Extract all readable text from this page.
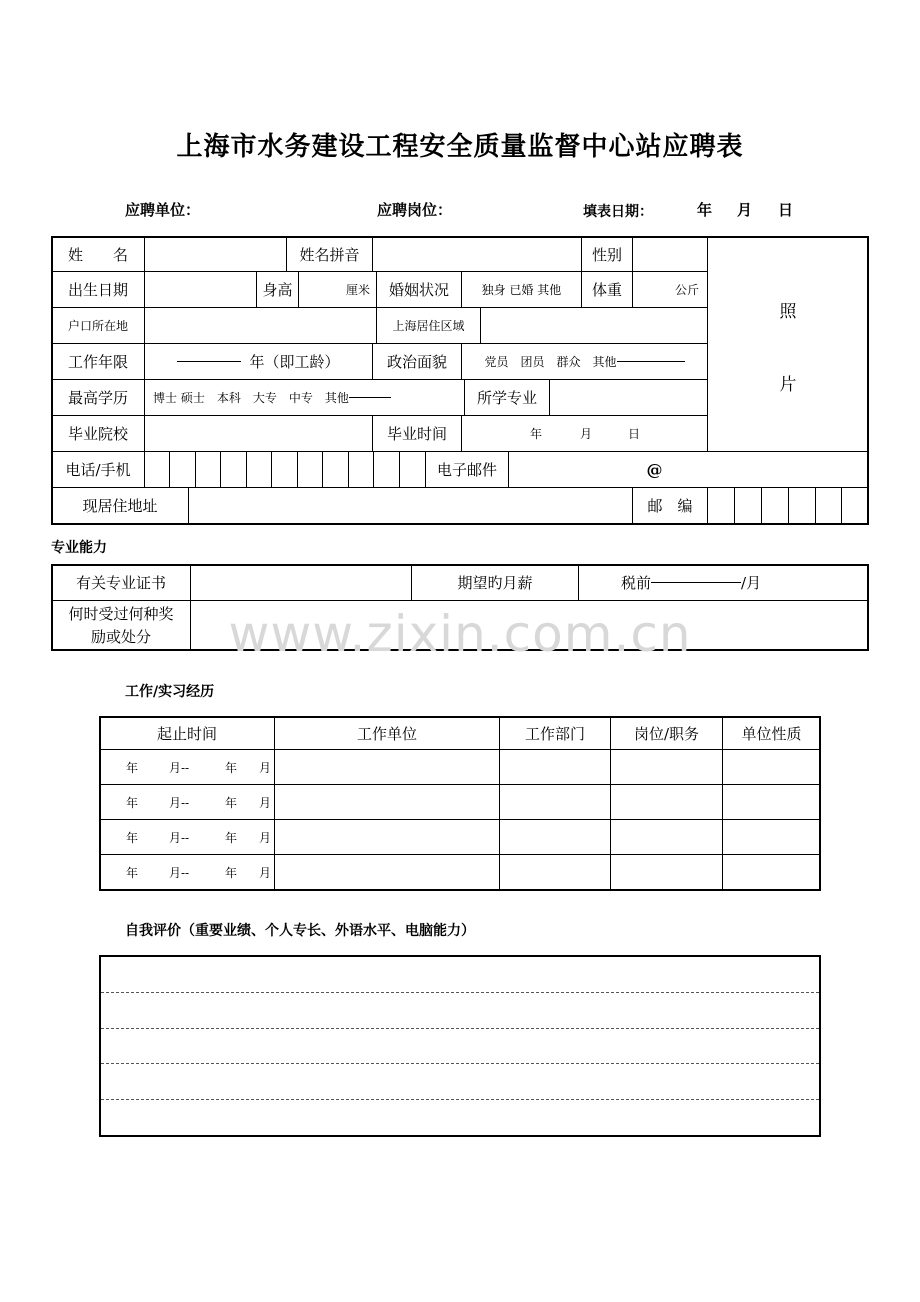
上海市水务建设工程安全质量监督中心站应聘表
应聘单位：	应聘岗位：	填表日期：	年 月 日
姓　　名	姓名拼音	性别
照
片
出生日期	身高	厘米	婚姻状况	独身 已婚 其他	体重	公斤
户口所在地	上海居住区域
工作年限	年（即工龄）	政治面貌	党员　团员　群众　其他
最高学历	博士 硕士　本科　大专　中专　其他	所学专业
毕业院校	毕业时间	年	月	日
电话/手机	电子邮件	@
现居住地址	邮　编
专业能力
有关专业证书	期望旳月薪	税前	/月
何时受过何种奖
励或处分	www.zixin.com.cn
工作/实习经历
起止时间	工作单位	工作部门	岗位/职务	单位性质
年	月--	年 月
年	月--	年 月
年	月--	年 月
年	月--	年 月
自我评价（重要业绩、个人专长、外语水平、电脑能力）
